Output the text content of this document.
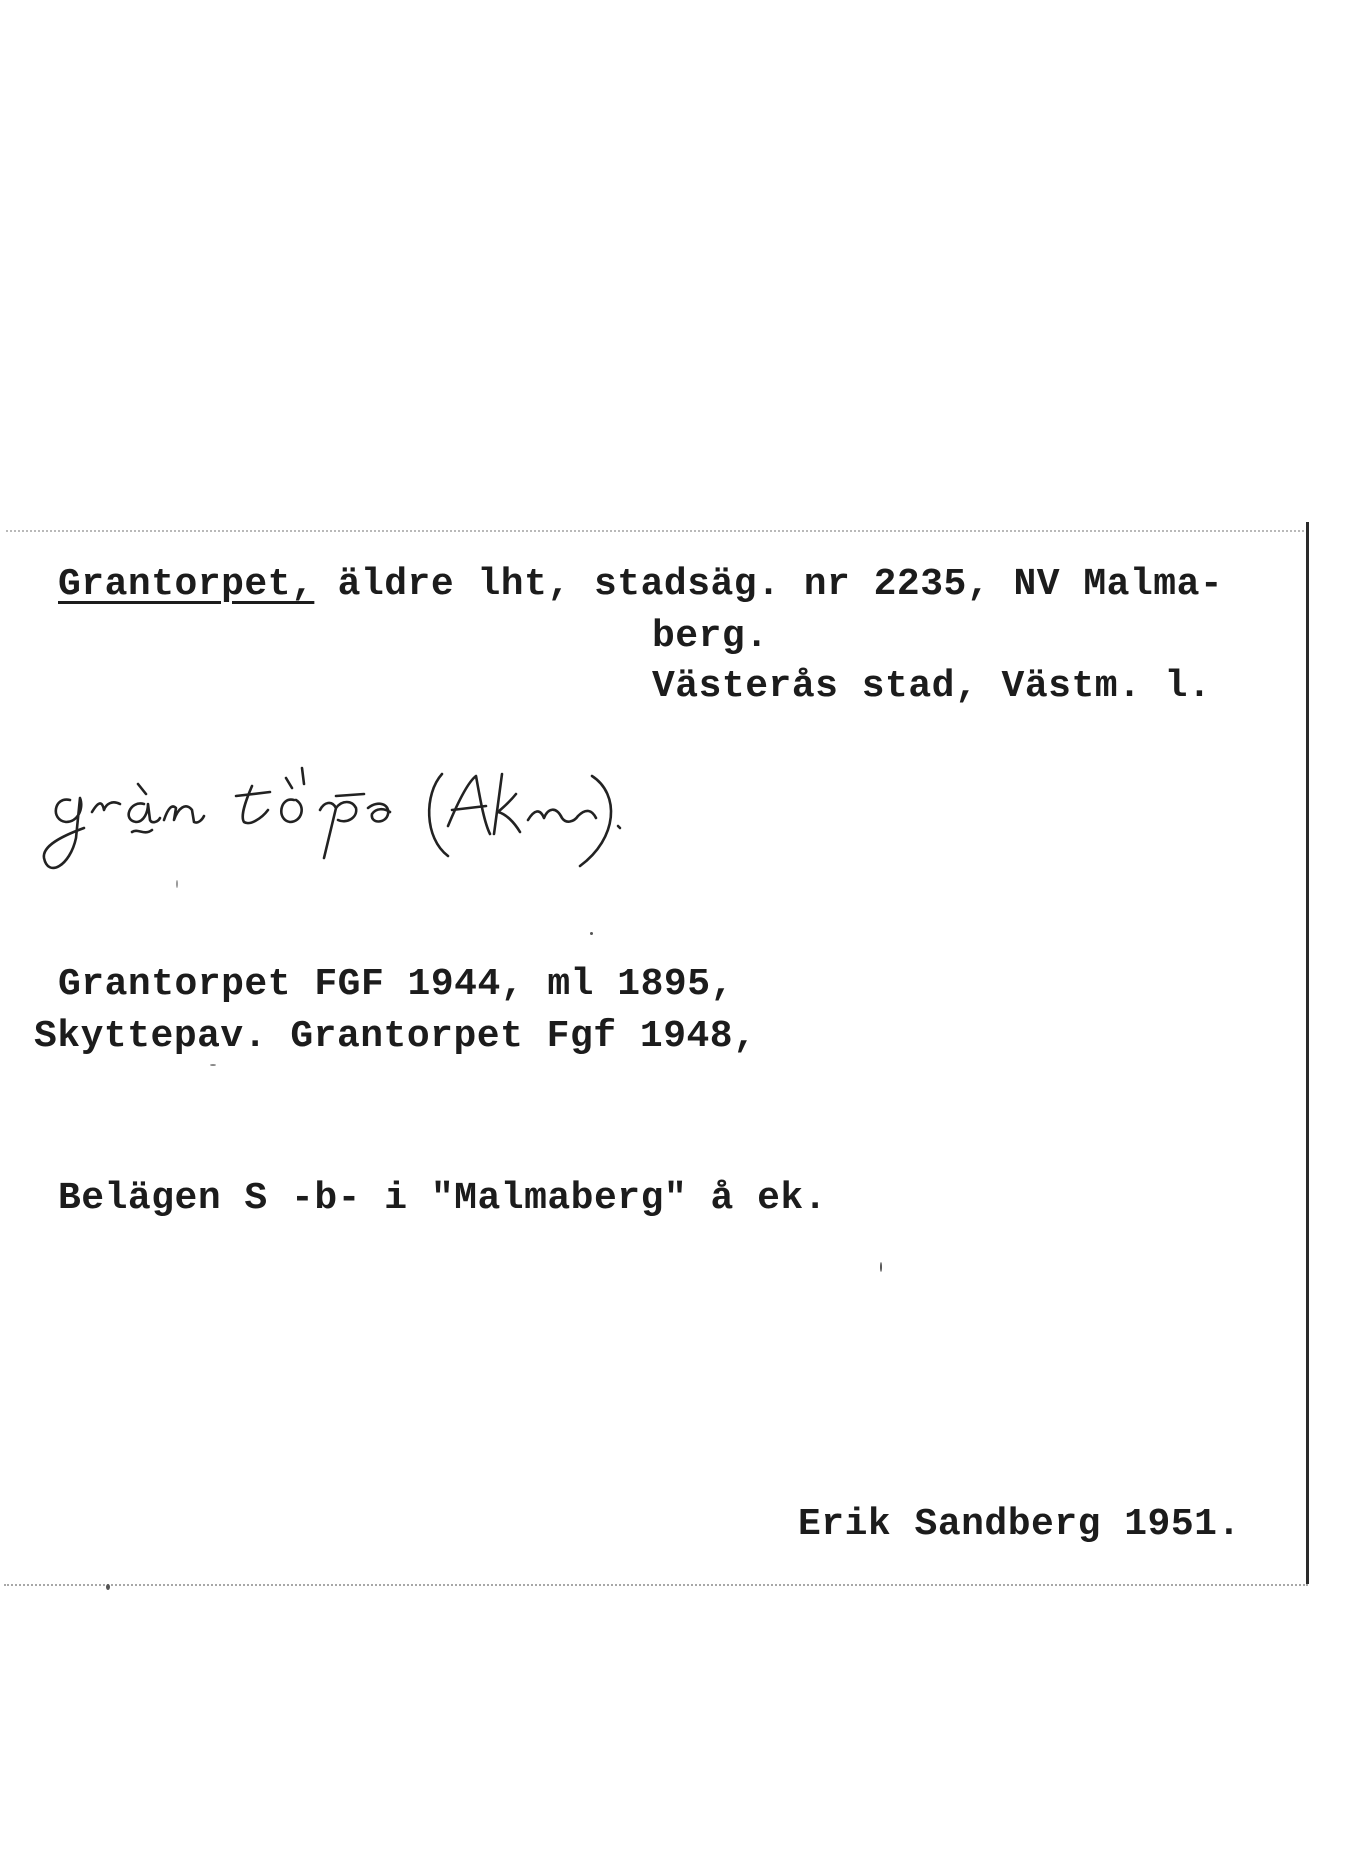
Grantorpet, äldre lht, stadsäg. nr 2235, NV Malma-
berg.
Västerås stad, Västm. l.
Grantorpet FGF 1944, ml 1895,
Skyttepav. Grantorpet Fgf 1948,
Belägen S -b- i "Malmaberg" å ek.
Erik Sandberg 1951.
